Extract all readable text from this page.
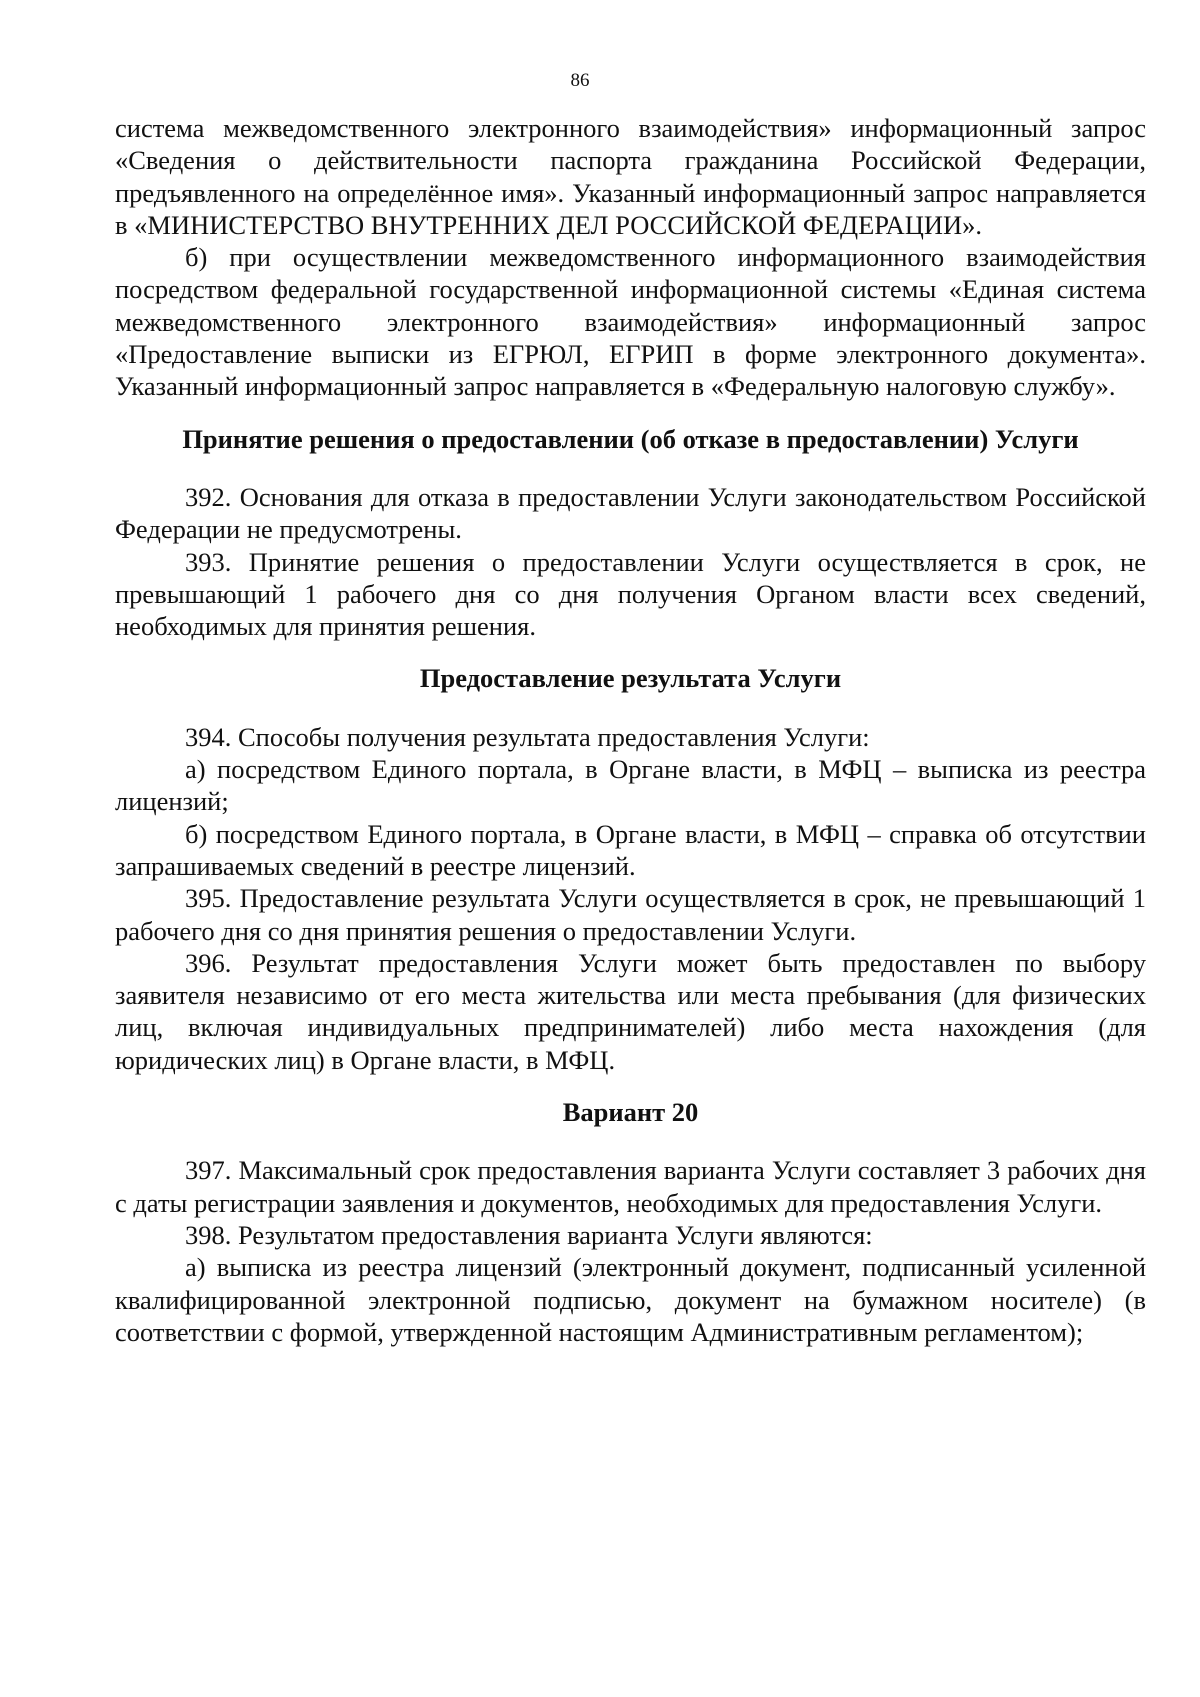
86

система межведомственного электронного взаимодействия» информационный запрос «Сведения о действительности паспорта гражданина Российской Федерации, предъявленного на определённое имя». Указанный информационный запрос направляется в «МИНИСТЕРСТВО ВНУТРЕННИХ ДЕЛ РОССИЙСКОЙ ФЕДЕРАЦИИ».

б) при осуществлении межведомственного информационного взаимодействия посредством федеральной государственной информационной системы «Единая система межведомственного электронного взаимодействия» информационный запрос «Предоставление выписки из ЕГРЮЛ, ЕГРИП в форме электронного документа». Указанный информационный запрос направляется в «Федеральную налоговую службу».

Принятие решения о предоставлении (об отказе в предоставлении) Услуги

392. Основания для отказа в предоставлении Услуги законодательством Российской Федерации не предусмотрены.

393. Принятие решения о предоставлении Услуги осуществляется в срок, не превышающий 1 рабочего дня со дня получения Органом власти всех сведений, необходимых для принятия решения.

Предоставление результата Услуги

394. Способы получения результата предоставления Услуги:

а) посредством Единого портала, в Органе власти, в МФЦ – выписка из реестра лицензий;

б) посредством Единого портала, в Органе власти, в МФЦ – справка об отсутствии запрашиваемых сведений в реестре лицензий.

395. Предоставление результата Услуги осуществляется в срок, не превышающий 1 рабочего дня со дня принятия решения о предоставлении Услуги.

396. Результат предоставления Услуги может быть предоставлен по выбору заявителя независимо от его места жительства или места пребывания (для физических лиц, включая индивидуальных предпринимателей) либо места нахождения (для юридических лиц) в Органе власти, в МФЦ.

Вариант 20

397. Максимальный срок предоставления варианта Услуги составляет 3 рабочих дня с даты регистрации заявления и документов, необходимых для предоставления Услуги.

398. Результатом предоставления варианта Услуги являются:

а) выписка из реестра лицензий (электронный документ, подписанный усиленной квалифицированной электронной подписью, документ на бумажном носителе) (в соответствии с формой, утвержденной настоящим Административным регламентом);
